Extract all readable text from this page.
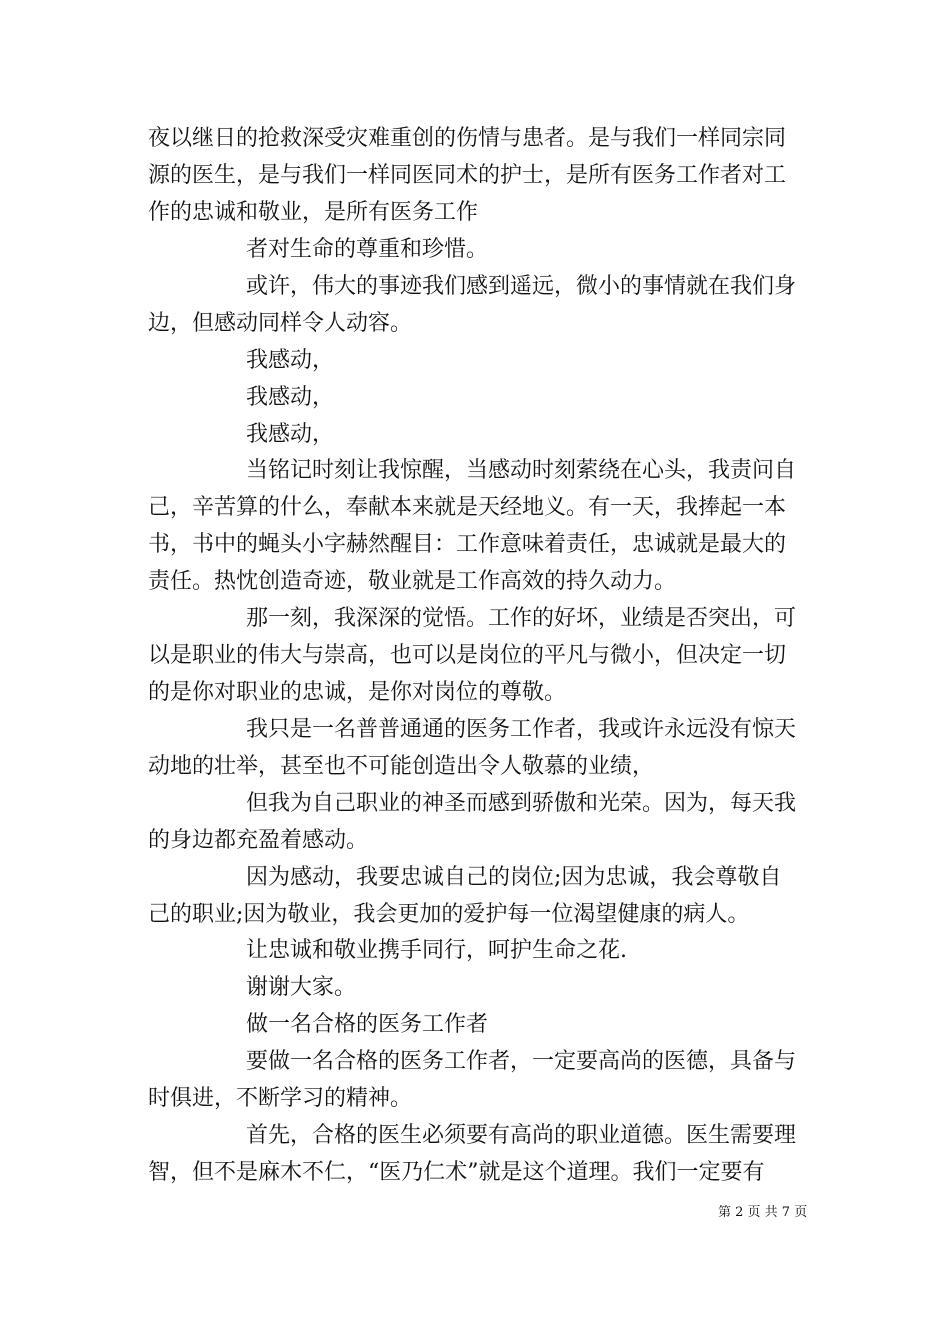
夜以继日的抢救深受灾难重创的伤情与患者。是与我们一样同宗同
源的医生，是与我们一样同医同术的护士，是所有医务工作者对工
作的忠诚和敬业，是所有医务工作
者对生命的尊重和珍惜。
或许，伟大的事迹我们感到遥远，微小的事情就在我们身
边，但感动同样令人动容。
我感动，
我感动，
我感动，
当铭记时刻让我惊醒，当感动时刻萦绕在心头，我责问自
己，辛苦算的什么，奉献本来就是天经地义。有一天，我捧起一本
书，书中的蝇头小字赫然醒目：工作意味着责任，忠诚就是最大的
责任。热忱创造奇迹，敬业就是工作高效的持久动力。
那一刻，我深深的觉悟。工作的好坏，业绩是否突出，可
以是职业的伟大与崇高，也可以是岗位的平凡与微小，但决定一切
的是你对职业的忠诚，是你对岗位的尊敬。
我只是一名普普通通的医务工作者，我或许永远没有惊天
动地的壮举，甚至也不可能创造出令人敬慕的业绩，
但我为自己职业的神圣而感到骄傲和光荣。因为，每天我
的身边都充盈着感动。
因为感动，我要忠诚自己的岗位;因为忠诚，我会尊敬自
己的职业;因为敬业，我会更加的爱护每一位渴望健康的病人。
让忠诚和敬业携手同行，呵护生命之花.
谢谢大家。
做一名合格的医务工作者
要做一名合格的医务工作者，一定要高尚的医德，具备与
时俱进，不断学习的精神。
首先，合格的医生必须要有高尚的职业道德。医生需要理
智，但不是麻木不仁，“医乃仁术”就是这个道理。我们一定要有
第 2 页 共 7 页
